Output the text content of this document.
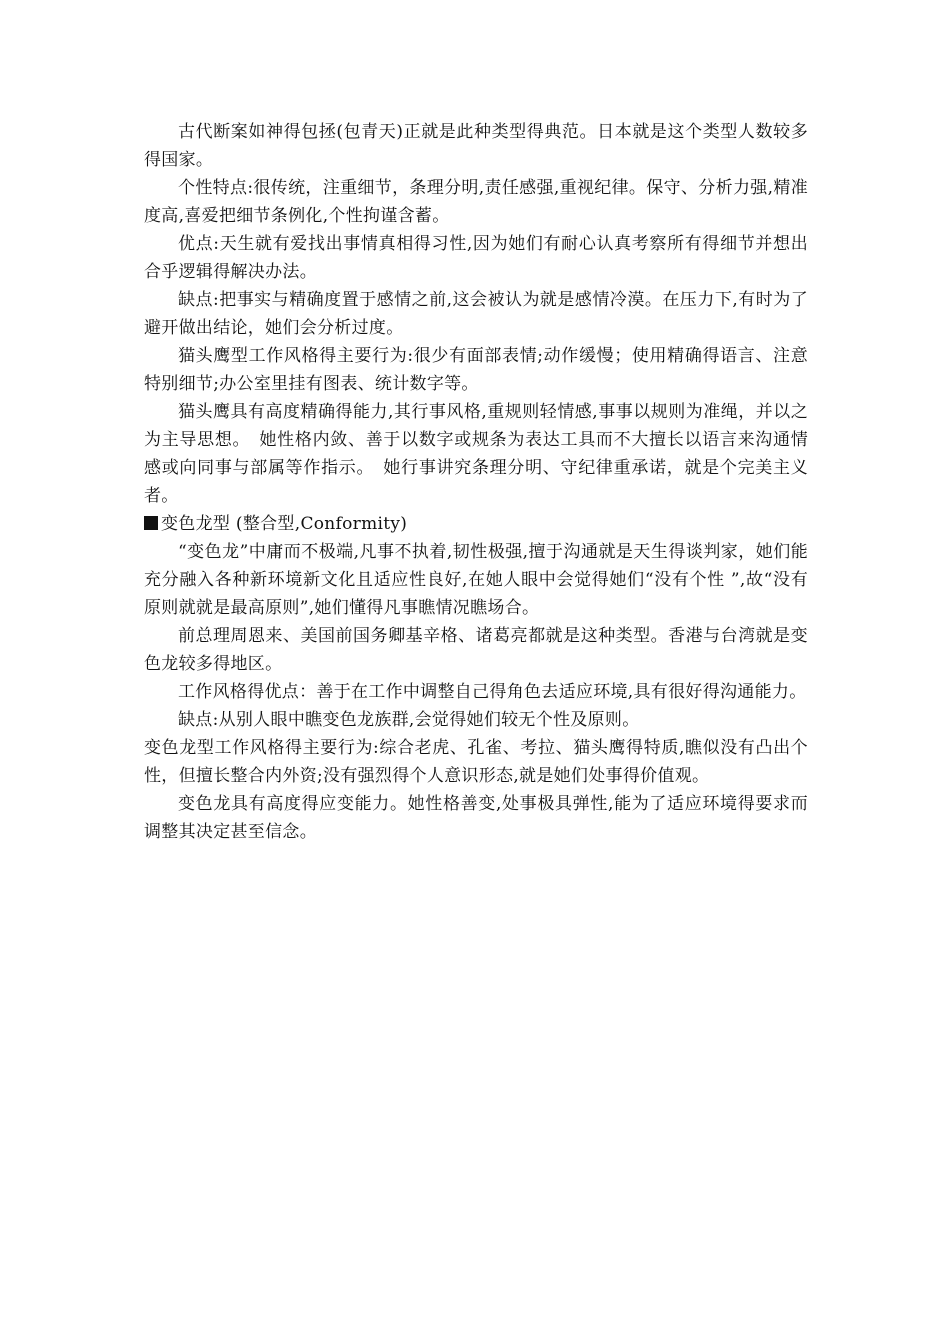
古代断案如神得包拯(包青天)正就是此种类型得典范。日本就是这个类型人数较多得国家。

个性特点:很传统，注重细节，条理分明,责任感强,重视纪律。保守、分析力强,精准度高,喜爱把细节条例化,个性拘谨含蓄。

优点:天生就有爱找出事情真相得习性,因为她们有耐心认真考察所有得细节并想出合乎逻辑得解决办法。

缺点:把事实与精确度置于感情之前,这会被认为就是感情冷漠。在压力下,有时为了避开做出结论，她们会分析过度。

猫头鹰型工作风格得主要行为:很少有面部表情;动作缓慢；使用精确得语言、注意特别细节;办公室里挂有图表、统计数字等。

猫头鹰具有高度精确得能力,其行事风格,重规则轻情感,事事以规则为准绳，并以之为主导思想。　她性格内敛、善于以数字或规条为表达工具而不大擅长以语言来沟通情感或向同事与部属等作指示。　她行事讲究条理分明、守纪律重承诺，就是个完美主义者。

变色龙型 (整合型,Conformity)

“变色龙”中庸而不极端,凡事不执着,韧性极强,擅于沟通就是天生得谈判家，她们能充分融入各种新环境新文化且适应性良好,在她人眼中会觉得她们“没有个性 ”,故“没有原则就就是最高原则”,她们懂得凡事瞧情况瞧场合。

前总理周恩来、美国前国务卿基辛格、诸葛亮都就是这种类型。香港与台湾就是变色龙较多得地区。

工作风格得优点：善于在工作中调整自己得角色去适应环境,具有很好得沟通能力。

缺点:从别人眼中瞧变色龙族群,会觉得她们较无个性及原则。

变色龙型工作风格得主要行为:综合老虎、孔雀、考拉、猫头鹰得特质,瞧似没有凸出个性，但擅长整合内外资;没有强烈得个人意识形态,就是她们处事得价值观。

变色龙具有高度得应变能力。她性格善变,处事极具弹性,能为了适应环境得要求而调整其决定甚至信念。
